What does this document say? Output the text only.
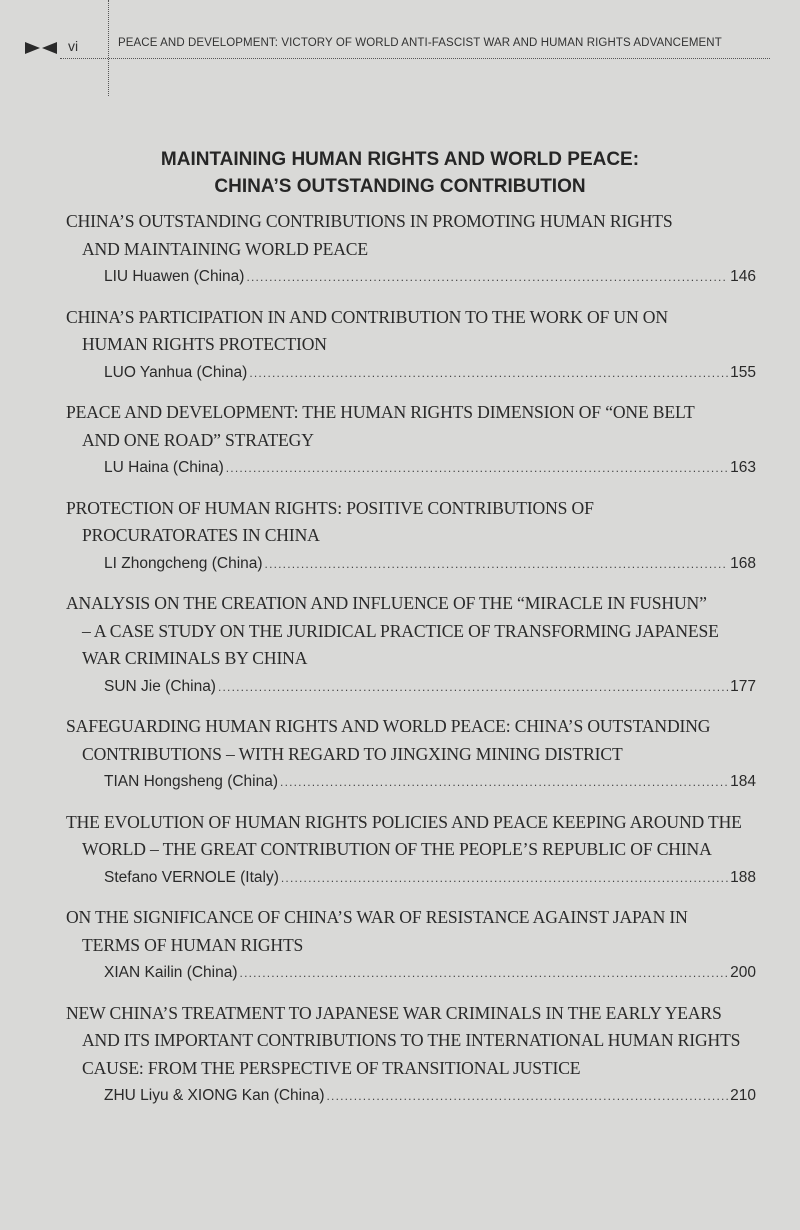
vi	PEACE AND DEVELOPMENT: VICTORY OF WORLD ANTI-FASCIST WAR AND HUMAN RIGHTS ADVANCEMENT
MAINTAINING HUMAN RIGHTS AND WORLD PEACE:
CHINA’S OUTSTANDING CONTRIBUTION
CHINA’S OUTSTANDING CONTRIBUTIONS IN PROMOTING HUMAN RIGHTS
AND MAINTAINING WORLD PEACE
LIU Huawen (China) .....	146
CHINA’S PARTICIPATION IN AND CONTRIBUTION TO THE WORK OF UN ON
HUMAN RIGHTS PROTECTION
LUO Yanhua (China) .....	155
PEACE AND DEVELOPMENT: THE HUMAN RIGHTS DIMENSION OF “ONE BELT
AND ONE ROAD” STRATEGY
LU Haina (China) .....	163
PROTECTION OF HUMAN RIGHTS: POSITIVE CONTRIBUTIONS OF
PROCURATORATES IN CHINA
LI Zhongcheng (China) .....	168
ANALYSIS ON THE CREATION AND INFLUENCE OF THE “MIRACLE IN FUSHUN”
– A CASE STUDY ON THE JURIDICAL PRACTICE OF TRANSFORMING JAPANESE
WAR CRIMINALS BY CHINA
SUN Jie (China) .....	177
SAFEGUARDING HUMAN RIGHTS AND WORLD PEACE: CHINA’S OUTSTANDING
CONTRIBUTIONS – WITH REGARD TO JINGXING MINING DISTRICT
TIAN Hongsheng (China) .....	184
THE EVOLUTION OF HUMAN RIGHTS POLICIES AND PEACE KEEPING AROUND THE
WORLD – THE GREAT CONTRIBUTION OF THE PEOPLE’S REPUBLIC OF CHINA
Stefano VERNOLE (Italy) .....	188
ON THE SIGNIFICANCE OF CHINA’S WAR OF RESISTANCE AGAINST JAPAN IN
TERMS OF HUMAN RIGHTS
XIAN Kailin (China) .....	200
NEW CHINA’S TREATMENT TO JAPANESE WAR CRIMINALS IN THE EARLY YEARS
AND ITS IMPORTANT CONTRIBUTIONS TO THE INTERNATIONAL HUMAN RIGHTS
CAUSE: FROM THE PERSPECTIVE OF TRANSITIONAL JUSTICE
ZHU Liyu & XIONG Kan (China) .....	210
